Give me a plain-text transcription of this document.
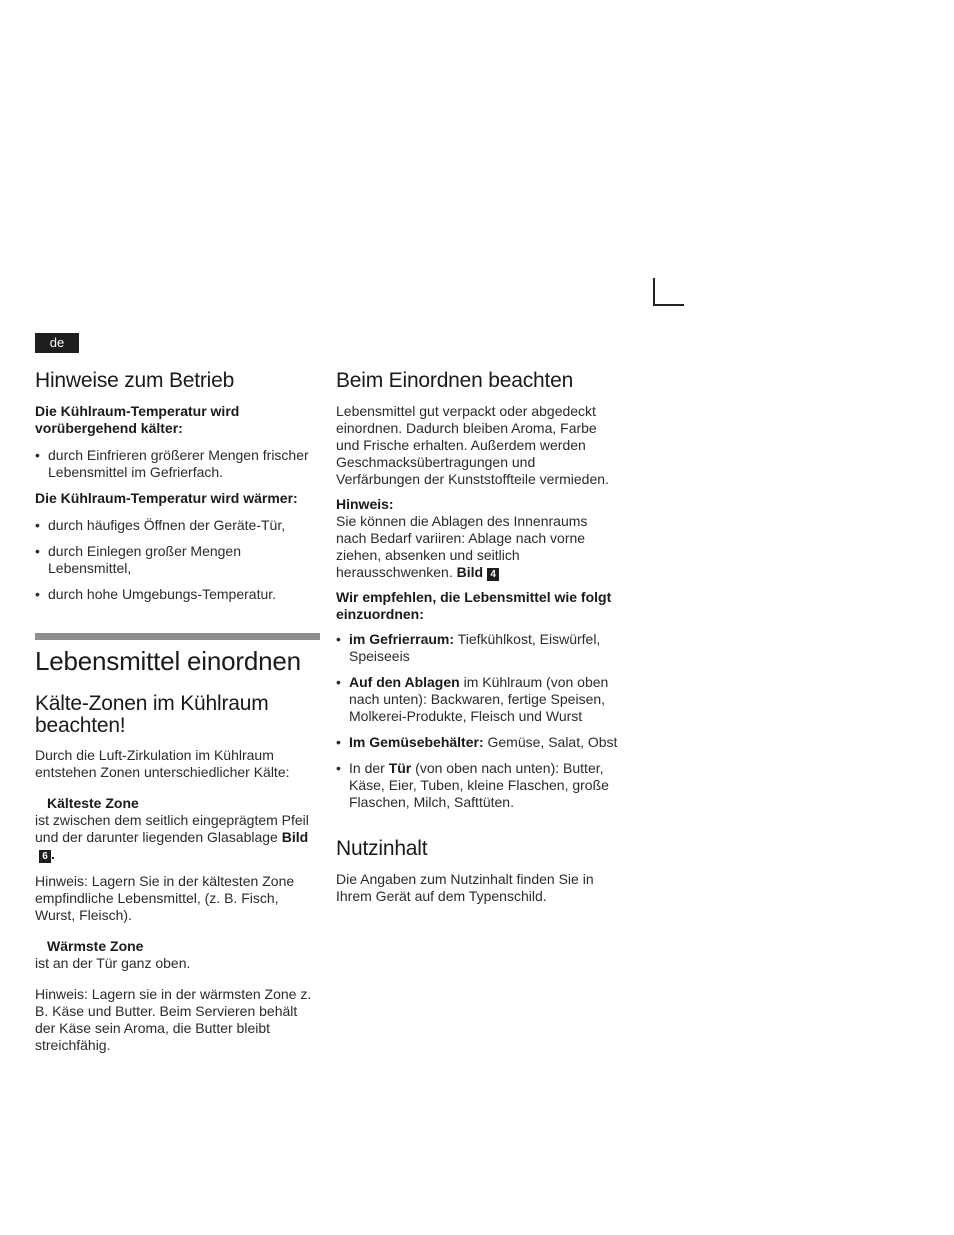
de
Hinweise zum Betrieb

Die Kühlraum-Temperatur wird vorübergehend kälter:

• durch Einfrieren größerer Mengen frischer Lebensmittel im Gefrierfach.

Die Kühlraum-Temperatur wird wärmer:

• durch häufiges Öffnen der Geräte-Tür,
• durch Einlegen großer Mengen Lebensmittel,
• durch hohe Umgebungs-Temperatur.
Lebensmittel einordnen
Kälte-Zonen im Kühlraum beachten!

Durch die Luft-Zirkulation im Kühlraum entstehen Zonen unterschiedlicher Kälte:

Kälteste Zone

ist zwischen dem seitlich eingeprägtem Pfeil und der darunter liegenden Glasablage Bild6 .

Hinweis: Lagern Sie in der kältesten Zone empfindliche Lebensmittel, (z. B. Fisch, Wurst, Fleisch).

Wärmste Zone

ist an der Tür ganz oben.

Hinweis: Lagern sie in der wärmsten Zone z. B. Käse und Butter. Beim Servieren behält der Käse sein Aroma, die Butter bleibt streichfähig.

Beim Einordnen beachten

Lebensmittel gut verpackt oder abgedeckt einordnen. Dadurch bleiben Aroma, Farbe und Frische erhalten. Außerdem werden Geschmacksübertragungen und Verfärbungen der Kunststoffteile vermieden.

Hinweis:

Sie können die Ablagen des Innenraums nach Bedarf variiren: Ablage nach vorne ziehen, absenken und seitlich herausschwenken. Bild 4

Wir empfehlen, die Lebensmittel wie folgt einzuordnen:

• im Gefrierraum: Tiefkühlkost, Eiswürfel, Speiseeis
• Auf den Ablagen im Kühlraum (von oben nach unten): Backwaren, fertige Speisen, Molkerei-Produkte, Fleisch und Wurst
• Im Gemüsebehälter: Gemüse, Salat, Obst
• In der Tür (von oben nach unten): Butter, Käse, Eier, Tuben, kleine Flaschen, große Flaschen, Milch, Safttüten.
Nutzinhalt

Die Angaben zum Nutzinhalt finden Sie in Ihrem Gerät auf dem Typenschild.
